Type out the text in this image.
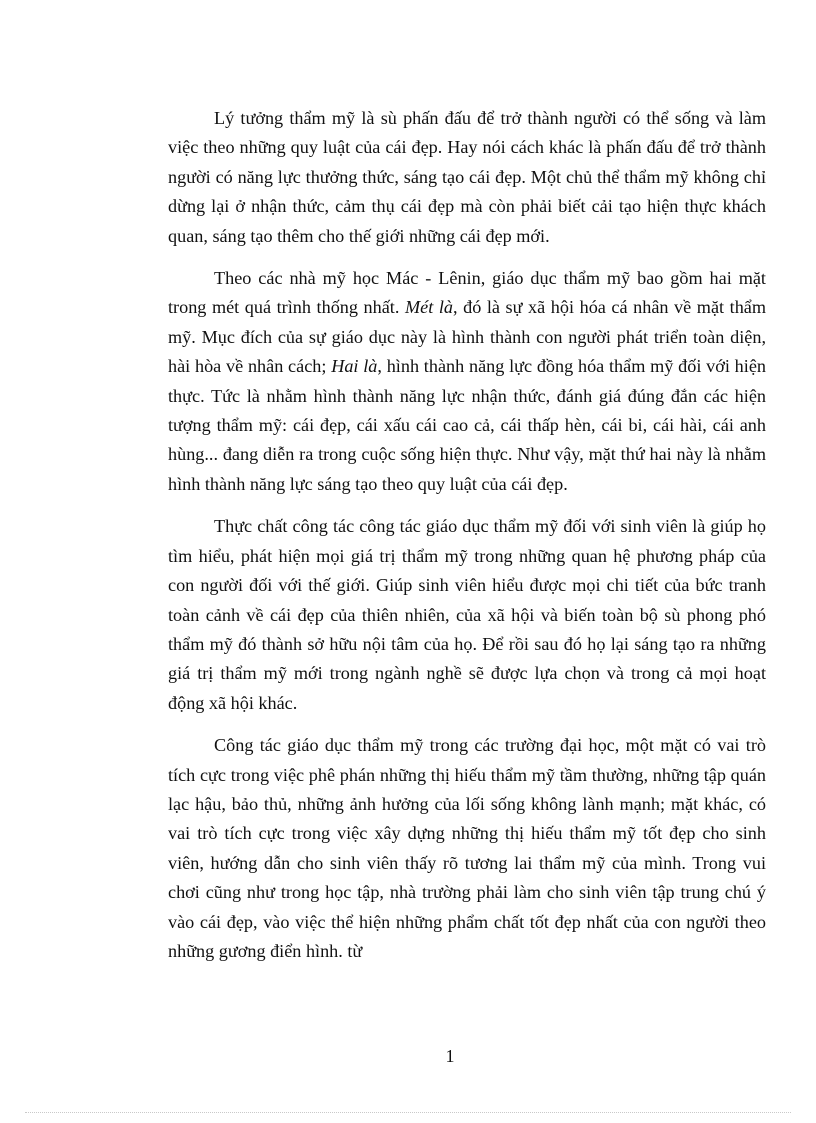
Lý tưởng thẩm mỹ là sù phấn đấu để trở thành người có thể sống và làm việc theo những quy luật của cái đẹp. Hay nói cách khác là phấn đấu để trở thành người có năng lực thưởng thức, sáng tạo cái đẹp. Một chủ thể thẩm mỹ không chỉ dừng lại ở nhận thức, cảm thụ cái đẹp mà còn phải biết cải tạo hiện thực khách quan, sáng tạo thêm cho thế giới những cái đẹp mới.

Theo các nhà mỹ học Mác - Lênin, giáo dục thẩm mỹ bao gồm hai mặt trong mét quá trình thống nhất. Mét là, đó là sự xã hội hóa cá nhân về mặt thẩm mỹ. Mục đích của sự giáo dục này là hình thành con người phát triển toàn diện, hài hòa về nhân cách; Hai là, hình thành năng lực đồng hóa thẩm mỹ đối với hiện thực. Tức là nhằm hình thành năng lực nhận thức, đánh giá đúng đắn các hiện tượng thẩm mỹ: cái đẹp, cái xấu cái cao cả, cái thấp hèn, cái bi, cái hài, cái anh hùng... đang diễn ra trong cuộc sống hiện thực. Như vậy, mặt thứ hai này là nhằm hình thành năng lực sáng tạo theo quy luật của cái đẹp.

Thực chất công tác công tác giáo dục thẩm mỹ đối với sinh viên là giúp họ tìm hiểu, phát hiện mọi giá trị thẩm mỹ trong những quan hệ phương pháp của con người đối với thế giới. Giúp sinh viên hiểu được mọi chi tiết của bức tranh toàn cảnh về cái đẹp của thiên nhiên, của xã hội và biến toàn bộ sù phong phó thẩm mỹ đó thành sở hữu nội tâm của họ. Để rồi sau đó họ lại sáng tạo ra những giá trị thẩm mỹ mới trong ngành nghề sẽ được lựa chọn và trong cả mọi hoạt động xã hội khác.

Công tác giáo dục thẩm mỹ trong các trường đại học, một mặt có vai trò tích cực trong việc phê phán những thị hiếu thẩm mỹ tầm thường, những tập quán lạc hậu, bảo thủ, những ảnh hưởng của lối sống không lành mạnh; mặt khác, có vai trò tích cực trong việc xây dựng những thị hiếu thẩm mỹ tốt đẹp cho sinh viên, hướng dẫn cho sinh viên thấy rõ tương lai thẩm mỹ của mình. Trong vui chơi cũng như trong học tập, nhà trường phải làm cho sinh viên tập trung chú ý vào cái đẹp, vào việc thể hiện những phẩm chất tốt đẹp nhất của con người theo những gương điển hình. từ

1
